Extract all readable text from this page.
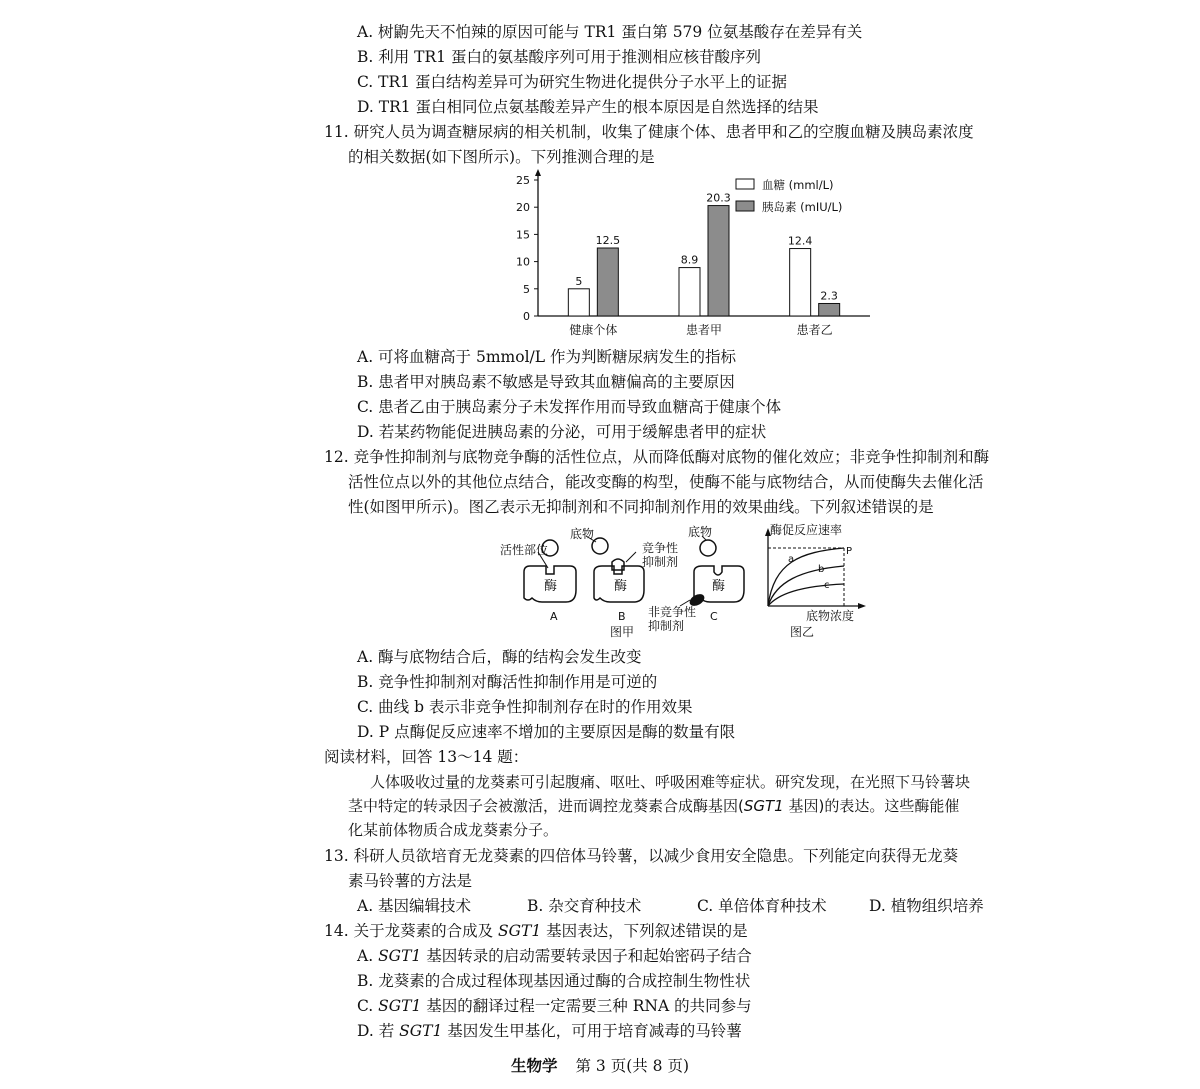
A. 树鼩先天不怕辣的原因可能与 TR1 蛋白第 579 位氨基酸存在差异有关
B. 利用 TR1 蛋白的氨基酸序列可用于推测相应核苷酸序列
C. TR1 蛋白结构差异可为研究生物进化提供分子水平上的证据
D. TR1 蛋白相同位点氨基酸差异产生的根本原因是自然选择的结果
11. 研究人员为调查糖尿病的相关机制，收集了健康个体、患者甲和乙的空腹血糖及胰岛素浓度
的相关数据(如下图所示)。下列推测合理的是
0
5
10
15
20
25
健康个体	患者甲	患者乙
5
12.5
8.9
20.3
12.4
2.3
血糖 (mml/L)
胰岛素 (mIU/L)
A. 可将血糖高于 5mmol/L 作为判断糖尿病发生的指标
B. 患者甲对胰岛素不敏感是导致其血糖偏高的主要原因
C. 患者乙由于胰岛素分子未发挥作用而导致血糖高于健康个体
D. 若某药物能促进胰岛素的分泌，可用于缓解患者甲的症状
12. 竞争性抑制剂与底物竞争酶的活性位点，从而降低酶对底物的催化效应；非竞争性抑制剂和酶
活性位点以外的其他位点结合，能改变酶的构型，使酶不能与底物结合，从而使酶失去催化活
性(如图甲所示)。图乙表示无抑制剂和不同抑制剂作用的效果曲线。下列叙述错误的是
活性部位
底物
竞争性
抑制剂
底物
酶	酶	酶
A	B	C
非竞争性
抑制剂
图甲
酶促反应速率
a
b
c
P
底物浓度
图乙
A. 酶与底物结合后，酶的结构会发生改变
B. 竞争性抑制剂对酶活性抑制作用是可逆的
C. 曲线 b 表示非竞争性抑制剂存在时的作用效果
D. P 点酶促反应速率不增加的主要原因是酶的数量有限
阅读材料，回答 13～14 题：
人体吸收过量的龙葵素可引起腹痛、呕吐、呼吸困难等症状。研究发现，在光照下马铃薯块
茎中特定的转录因子会被激活，进而调控龙葵素合成酶基因(SGT1 基因)的表达。这些酶能催
化某前体物质合成龙葵素分子。
13. 科研人员欲培育无龙葵素的四倍体马铃薯，以减少食用安全隐患。下列能定向获得无龙葵
素马铃薯的方法是
A. 基因编辑技术	B. 杂交育种技术	C. 单倍体育种技术	D. 植物组织培养
14. 关于龙葵素的合成及 SGT1 基因表达，下列叙述错误的是
A. SGT1 基因转录的启动需要转录因子和起始密码子结合
B. 龙葵素的合成过程体现基因通过酶的合成控制生物性状
C. SGT1 基因的翻译过程一定需要三种 RNA 的共同参与
D. 若 SGT1 基因发生甲基化，可用于培育减毒的马铃薯
生物学 第 3 页(共 8 页)
